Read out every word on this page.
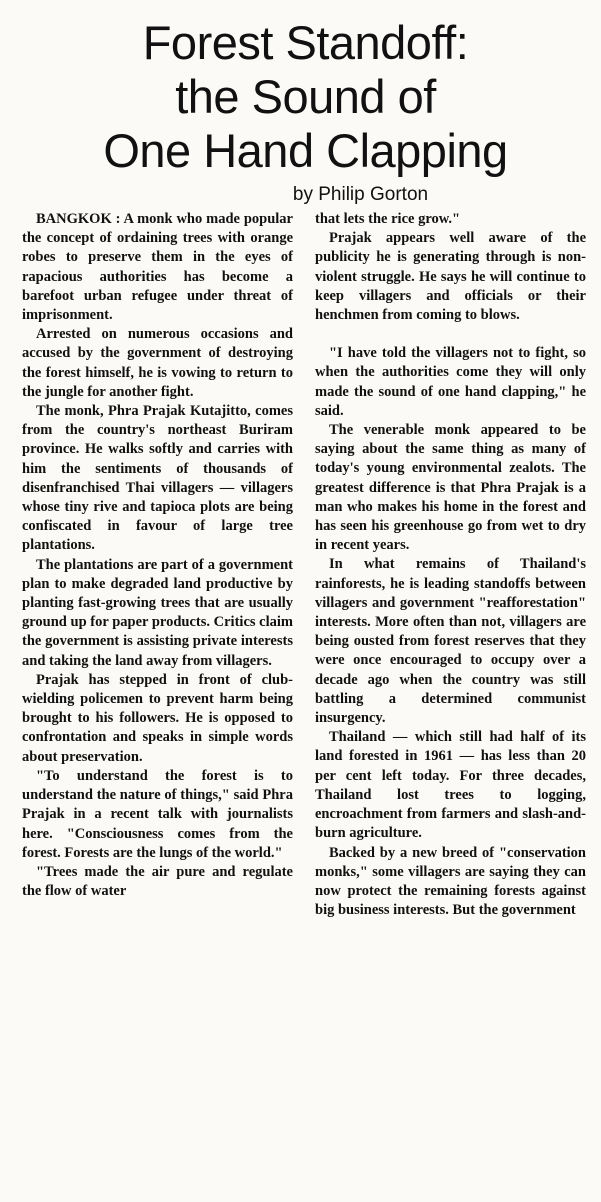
Forest Standoff:
the Sound of
One Hand Clapping
by Philip Gorton

BANGKOK : A monk who made popular the concept of ordaining trees with orange robes to preserve them in the eyes of rapacious authorities has become a barefoot urban refugee under threat of imprisonment.

Arrested on numerous occasions and accused by the government of destroying the forest himself, he is vowing to return to the jungle for another fight.

The monk, Phra Prajak Kutajitto, comes from the country's northeast Buriram province. He walks softly and carries with him the sentiments of thousands of disenfranchised Thai villagers — villagers whose tiny rive and tapioca plots are being confiscated in favour of large tree plantations.

The plantations are part of a government plan to make degraded land productive by planting fast-growing trees that are usually ground up for paper products. Critics claim the government is assisting private interests and taking the land away from villagers.

Prajak has stepped in front of club-wielding policemen to prevent harm being brought to his followers. He is opposed to confrontation and speaks in simple words about preservation.

"To understand the forest is to understand the nature of things," said Phra Prajak in a recent talk with journalists here. "Consciousness comes from the forest. Forests are the lungs of the world."

"Trees made the air pure and regulate the flow of water

that lets the rice grow."

Prajak appears well aware of the publicity he is generating through is non-violent struggle. He says he will continue to keep villagers and officials or their henchmen from coming to blows.

"I have told the villagers not to fight, so when the authorities come they will only made the sound of one hand clapping," he said.

The venerable monk appeared to be saying about the same thing as many of today's young environmental zealots. The greatest difference is that Phra Prajak is a man who makes his home in the forest and has seen his greenhouse go from wet to dry in recent years.

In what remains of Thailand's rainforests, he is leading standoffs between villagers and government "reafforestation" interests. More often than not, villagers are being ousted from forest reserves that they were once encouraged to occupy over a decade ago when the country was still battling a determined communist insurgency.

Thailand — which still had half of its land forested in 1961 — has less than 20 per cent left today. For three decades, Thailand lost trees to logging, encroachment from farmers and slash-and-burn agriculture.

Backed by a new breed of "conservation monks," some villagers are saying they can now protect the remaining forests against big business interests. But the government
